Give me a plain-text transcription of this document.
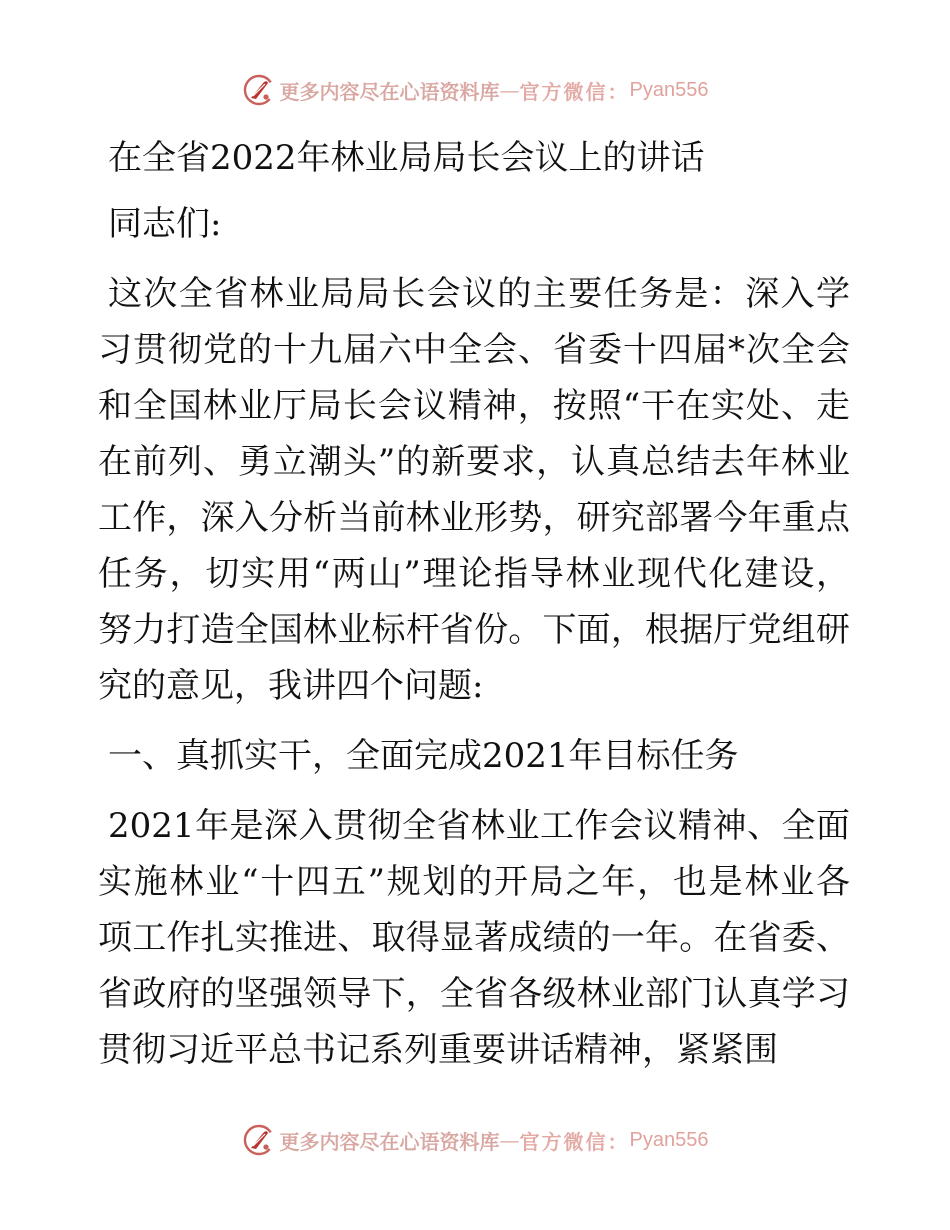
更多内容尽在心语资料库 — 官方微信： Pyan556
在全省2022年林业局局长会议上的讲话
同志们:
这次全省林业局局长会议的主要任务是：深入学
习贯彻党的十九届六中全会、省委十四届*次全会
和全国林业厅局长会议精神，按照“干在实处、走
在前列、勇立潮头”的新要求，认真总结去年林业
工作，深入分析当前林业形势，研究部署今年重点
任务，切实用“两山”理论指导林业现代化建设，
努力打造全国林业标杆省份。下面，根据厅党组研
究的意见，我讲四个问题:
一、真抓实干，全面完成2021年目标任务
2021年是深入贯彻全省林业工作会议精神、全面
实施林业“十四五”规划的开局之年，也是林业各
项工作扎实推进、取得显著成绩的一年。在省委、
省政府的坚强领导下，全省各级林业部门认真学习
贯彻习近平总书记系列重要讲话精神，紧紧围
更多内容尽在心语资料库 — 官方微信： Pyan556
